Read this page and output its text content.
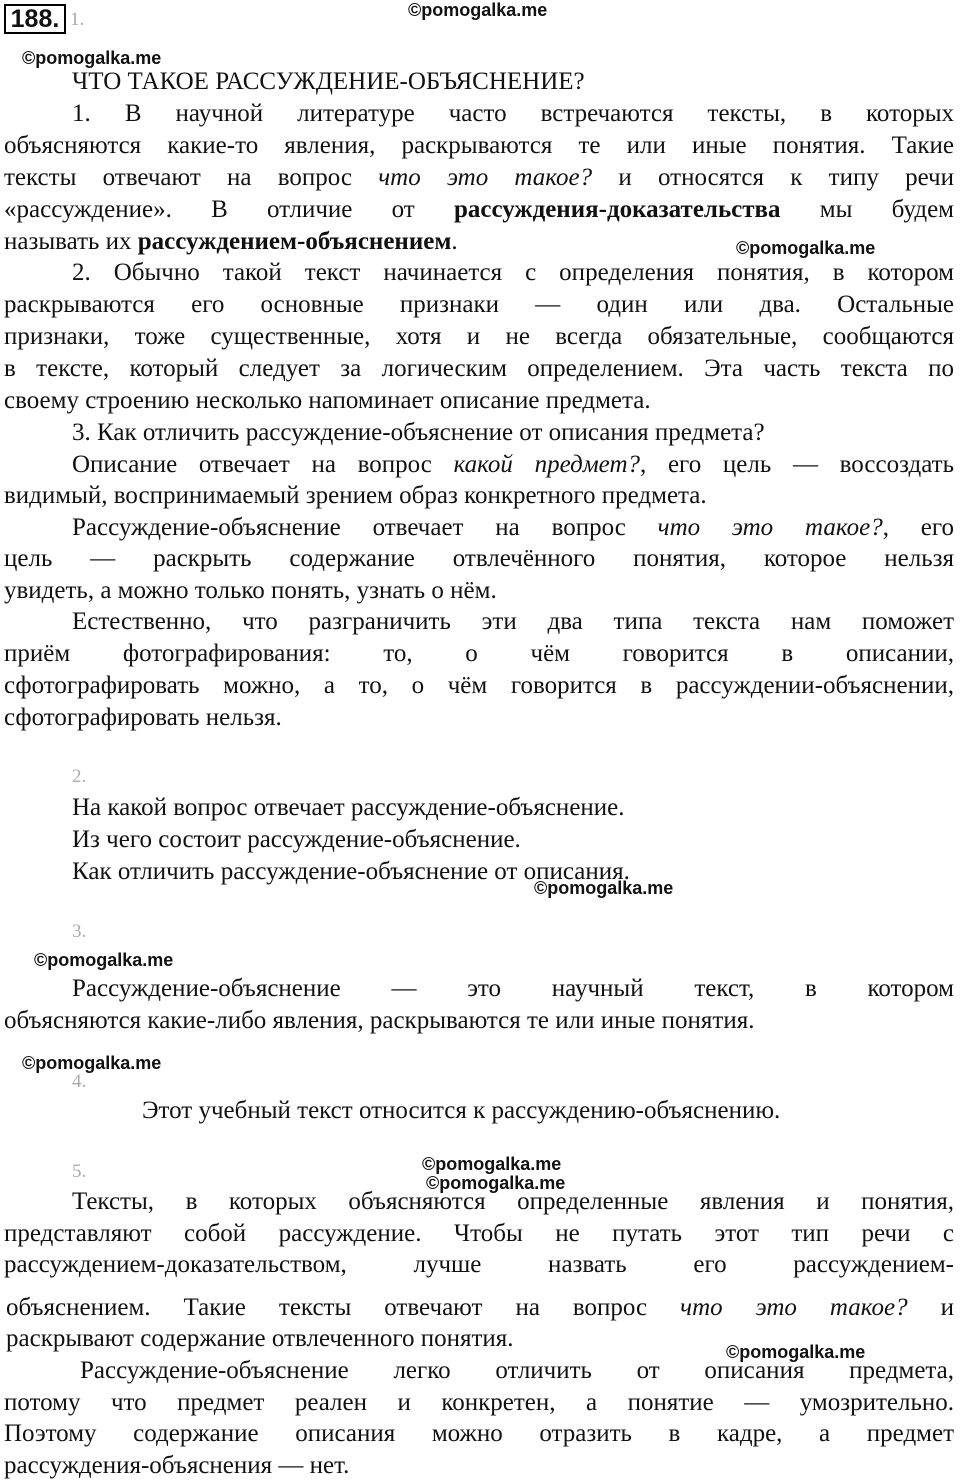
188. 1.	©pomogalka.me
©pomogalka.me
©pomogalka.me
©pomogalka.me
©pomogalka.me
©pomogalka.me
©pomogalka.me
©pomogalka.me
©pomogalka.me
ЧТО ТАКОЕ РАССУЖДЕНИЕ-ОБЪЯСНЕНИЕ?
1. В научной литературе часто встречаются тексты, в которых
объясняются какие-то явления, раскрываются те или иные понятия. Такие
тексты отвечают на вопрос что это такое? и относятся к типу речи
«рассуждение». В отличие от рассуждения-доказательства мы будем
называть их рассуждением-объяснением.
2. Обычно такой текст начинается с определения понятия, в котором
раскрываются его основные признаки — один или два. Остальные
признаки, тоже существенные, хотя и не всегда обязательные, сообщаются
в тексте, который следует за логическим определением. Эта часть текста по
своему строению несколько напоминает описание предмета.
3. Как отличить рассуждение-объяснение от описания предмета?
Описание отвечает на вопрос какой предмет?, его цель — воссоздать
видимый, воспринимаемый зрением образ конкретного предмета.
Рассуждение-объяснение отвечает на вопрос что это такое?, его
цель — раскрыть содержание отвлечённого понятия, которое нельзя
увидеть, а можно только понять, узнать о нём.
Естественно, что разграничить эти два типа текста нам поможет
приём фотографирования: то, о чём говорится в описании,
сфотографировать можно, а то, о чём говорится в рассуждении-объяснении,
сфотографировать нельзя.
2.
На какой вопрос отвечает рассуждение-объяснение.
Из чего состоит рассуждение-объяснение.
Как отличить рассуждение-объяснение от описания.
3.
Рассуждение-объяснение — это научный текст, в котором
объясняются какие-либо явления, раскрываются те или иные понятия.
4.
Этот учебный текст относится к рассуждению-объяснению.
5.
Тексты, в которых объясняются определенные явления и понятия,
представляют собой рассуждение. Чтобы не путать этот тип речи с
рассуждением-доказательством, лучше назвать его рассуждением-
объяснением. Такие тексты отвечают на вопрос что это такое? и
раскрывают содержание отвлеченного понятия.
Рассуждение-объяснение легко отличить от описания предмета,
потому что предмет реален и конкретен, а понятие — умозрительно.
Поэтому содержание описания можно отразить в кадре, а предмет
рассуждения-объяснения — нет.
